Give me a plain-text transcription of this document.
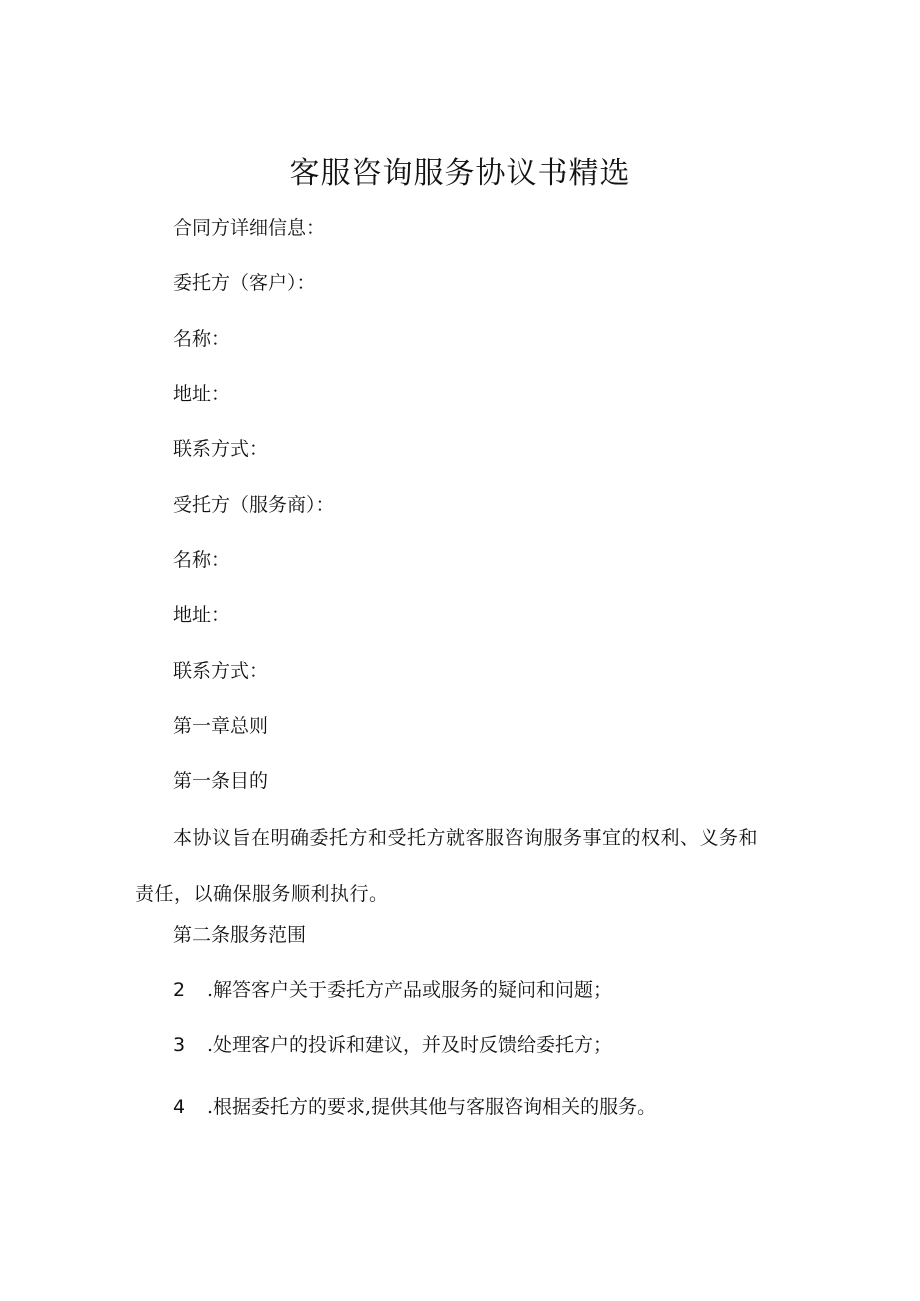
客服咨询服务协议书精选
合同方详细信息：
委托方（客户）：
名称：
地址：
联系方式：
受托方（服务商）：
名称：
地址：
联系方式：
第一章总则
第一条目的
本协议旨在明确委托方和受托方就客服咨询服务事宜的权利、义务和责任，以确保服务顺利执行。
第二条服务范围
2 .解答客户关于委托方产品或服务的疑问和问题；
3 .处理客户的投诉和建议，并及时反馈给委托方；
4 .根据委托方的要求,提供其他与客服咨询相关的服务。
